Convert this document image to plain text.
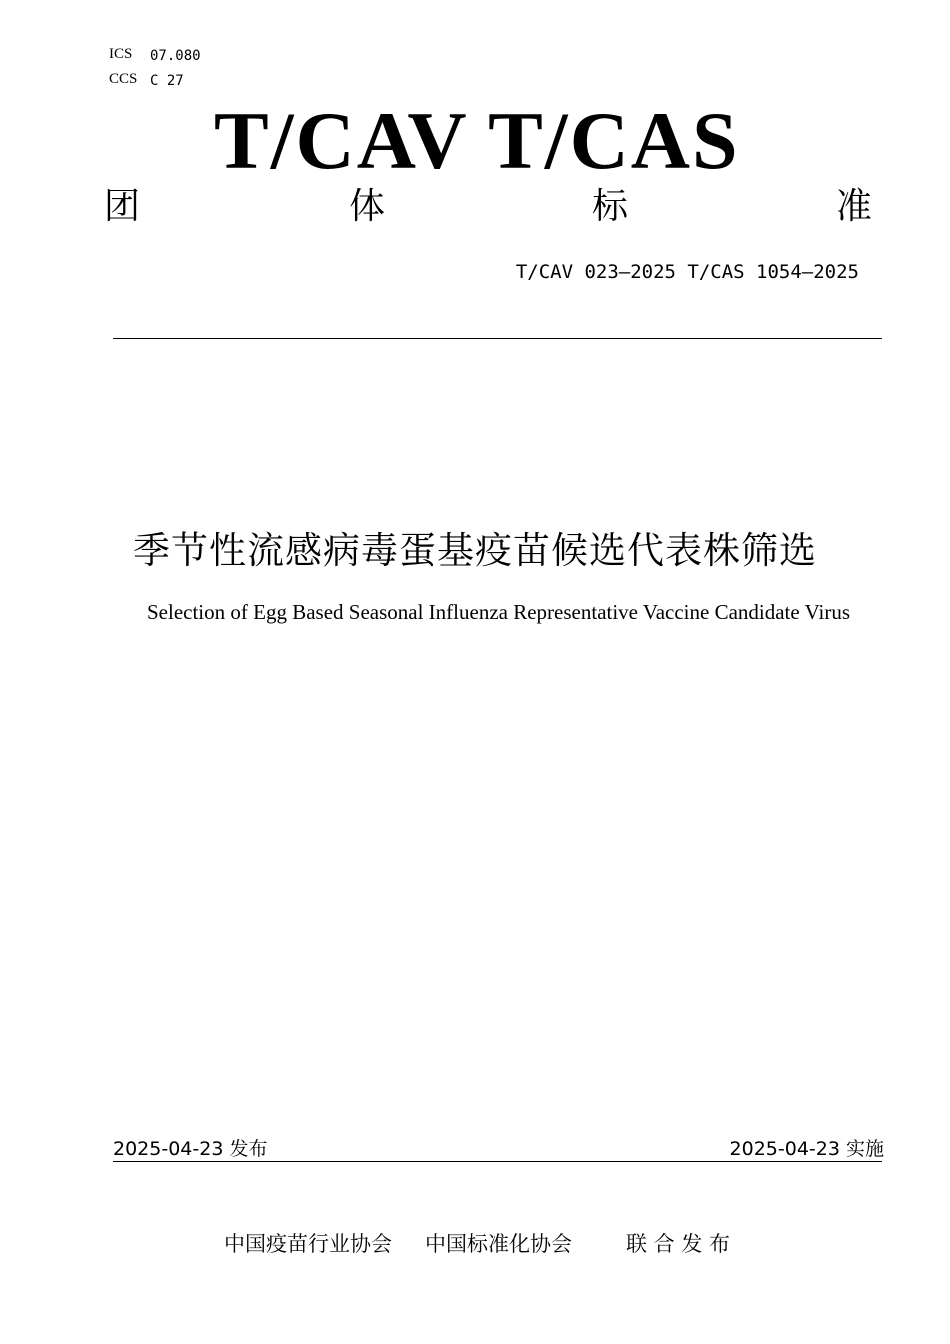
ICS 07.080
CCS C 27
T/CAV T/CAS
团	体	标	准
T/CAV 023—2025 T/CAS 1054—2025
季节性流感病毒蛋基疫苗候选代表株筛选
Selection of Egg Based Seasonal Influenza Representative Vaccine Candidate Virus
2025-04-23 发布	2025-04-23 实施
中国疫苗行业协会 中国标准化协会	联 合 发 布
